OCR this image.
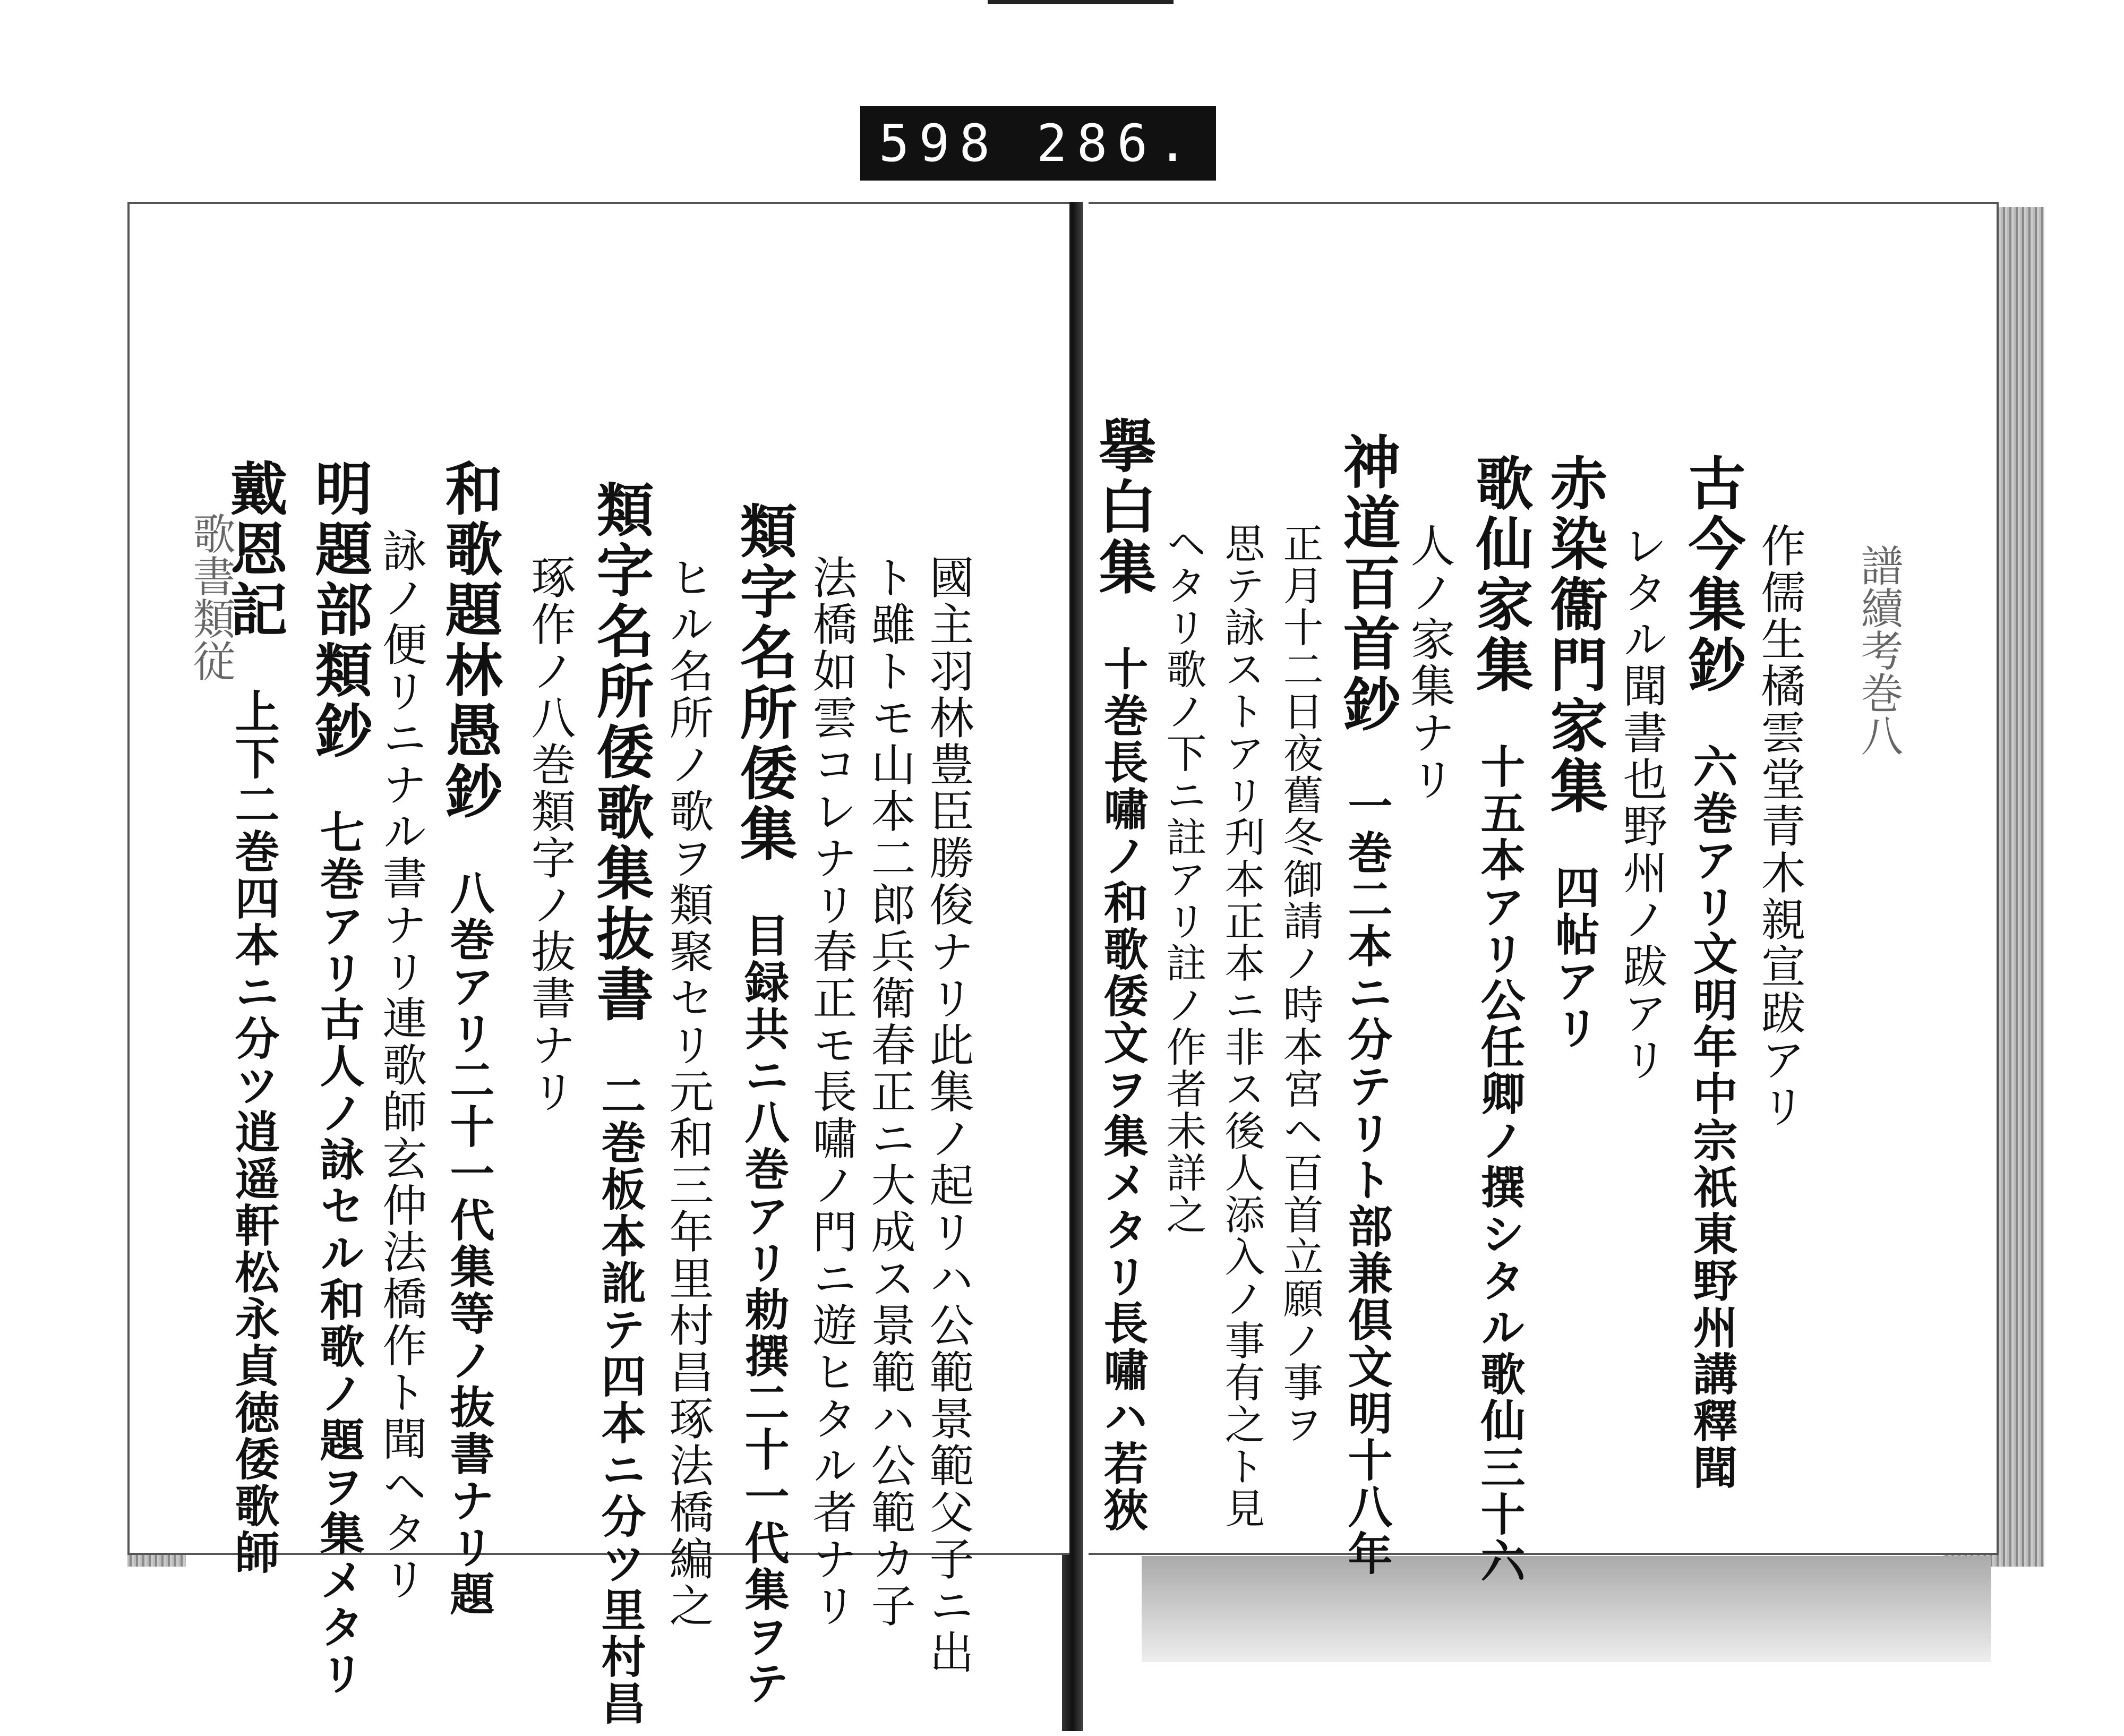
598 286.
歌書類従	國主羽林豊臣勝俊ナリ此集ノ起リハ公範景範父子ニ出
ト雖トモ山本二郎兵衛春正ニ大成ス景範ハ公範カ子
法橋如雲コレナリ春正モ長嘯ノ門ニ遊ヒタル者ナリ
類字名所倭集目録共ニ八巻アリ勅撰二十一代集ヲテ
ヒル名所ノ歌ヲ類聚セリ元和三年里村昌琢法橋編之
類字名所倭歌集抜書二巻板本訛テ四本ニ分ツ里村昌
琢作ノ八巻類字ノ抜書ナリ
和歌題林愚鈔八巻アリ二十一代集等ノ抜書ナリ題
詠ノ便リニナル書ナリ連歌師玄仲法橋作ト聞ヘタリ
明題部類鈔七巻アリ古人ノ詠セル和歌ノ題ヲ集メタリ
戴恩記上下二巻四本ニ分ツ逍遥軒松永貞徳倭歌師
譜續考巻八
作儒生橘雲堂青木親宣跋アリ
古今集鈔六巻アリ文明年中宗祇東野州講釋聞
レタル聞書也野州ノ跋アリ
赤染衞門家集四帖アリ
歌仙家集十五本アリ公任卿ノ撰シタル歌仙三十六
人ノ家集ナリ
神道百首鈔一巻二本ニ分テリト部兼倶文明十八年
正月十二日夜舊冬御請ノ時本宮ヘ百首立願ノ事ヲ
思テ詠ストアリ刋本正本ニ非ス後人添入ノ事有之ト見
ヘタリ歌ノ下ニ註アリ註ノ作者未詳之
擧白集十巻長嘯ノ和歌倭文ヲ集メタリ長嘯ハ若狹
